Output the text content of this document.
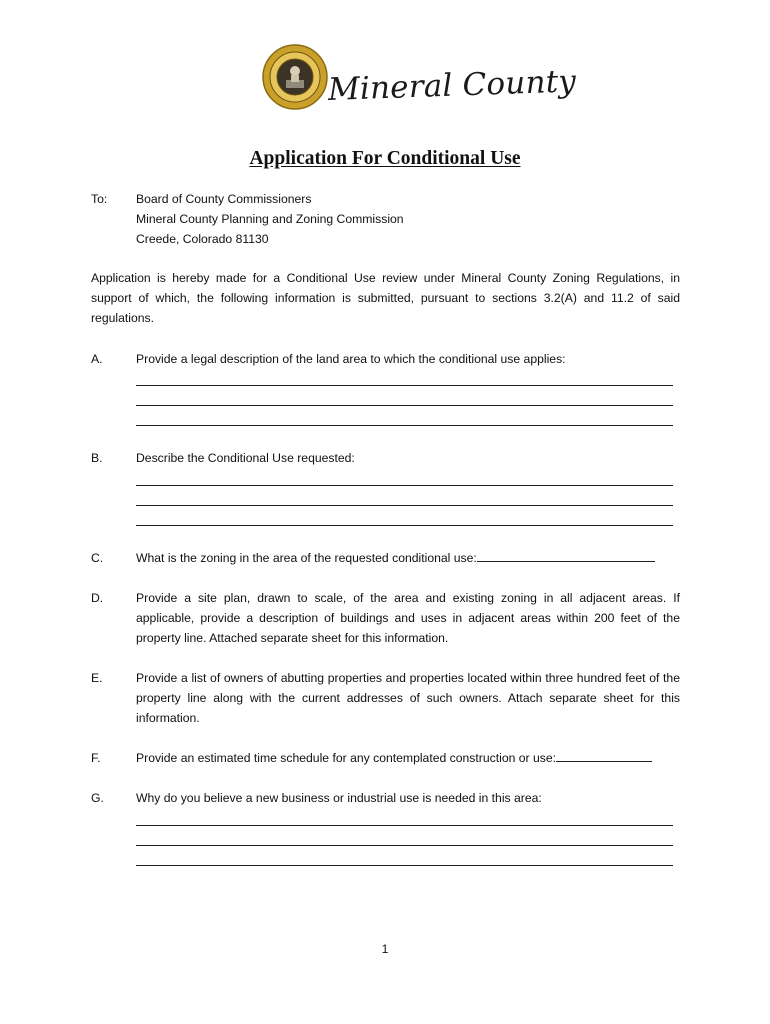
Mineral County
Application For Conditional Use
To: Board of County Commissioners
Mineral County Planning and Zoning Commission
Creede, Colorado 81130
Application is hereby made for a Conditional Use review under Mineral County Zoning Regulations, in support of which, the following information is submitted, pursuant to sections 3.2(A) and 11.2 of said regulations.
A.	Provide a legal description of the land area to which the conditional use applies:
B.	Describe the Conditional Use requested:
C.	What is the zoning in the area of the requested conditional use:
D.	Provide a site plan, drawn to scale, of the area and existing zoning in all adjacent areas. If applicable, provide a description of buildings and uses in adjacent areas within 200 feet of the property line. Attached separate sheet for this information.
E.	Provide a list of owners of abutting properties and properties located within three hundred feet of the property line along with the current addresses of such owners. Attach separate sheet for this information.
F.	Provide an estimated time schedule for any contemplated construction or use:
G.	Why do you believe a new business or industrial use is needed in this area:
1
